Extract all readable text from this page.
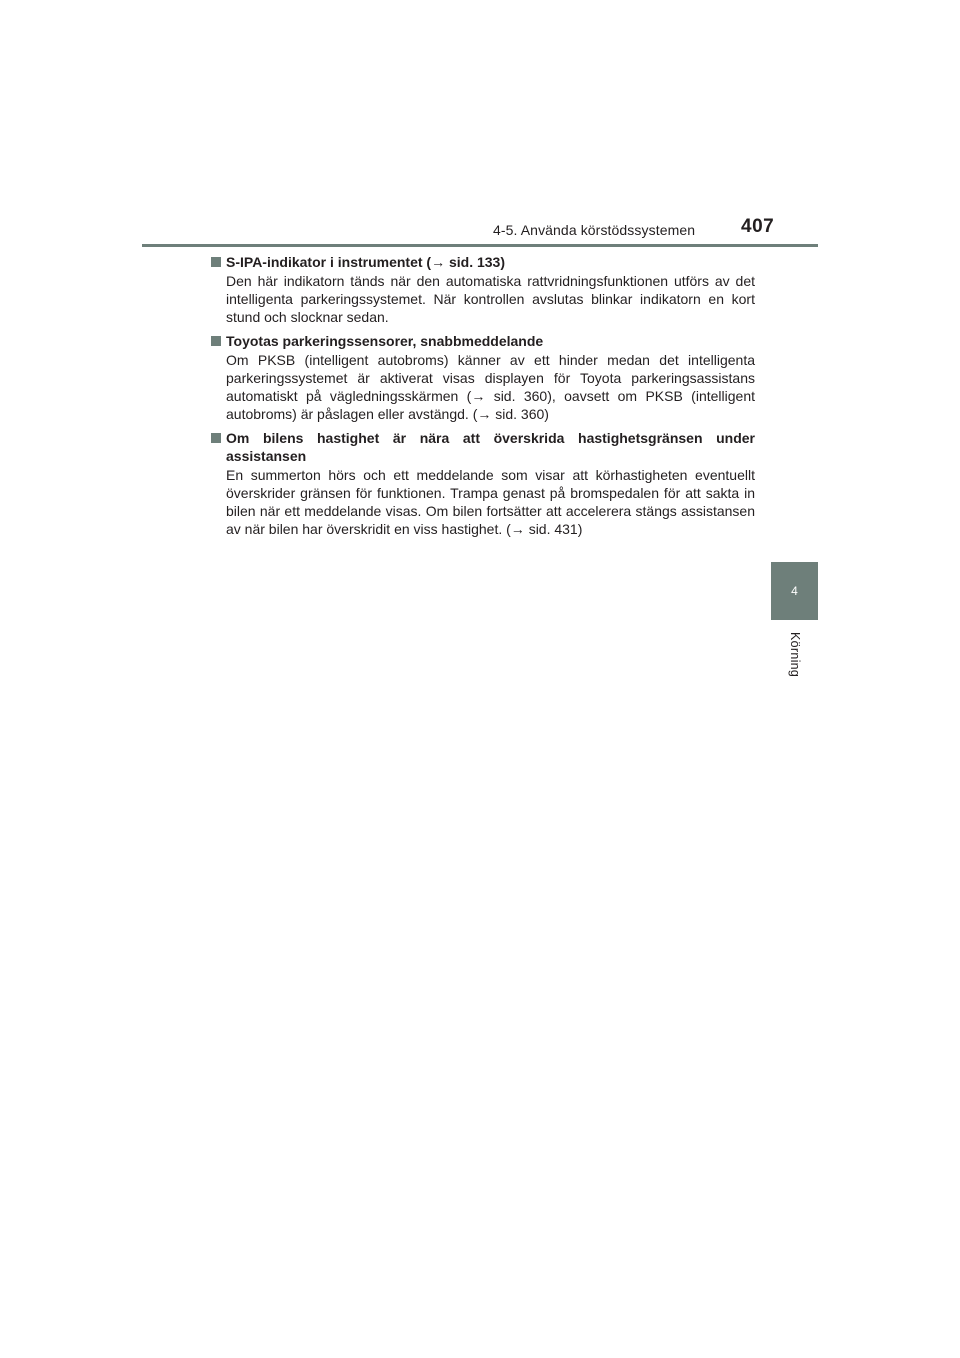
4-5. Använda körstödssystemen 407
4
Körning
S-IPA-indikator i instrumentet (→ sid. 133)
Den här indikatorn tänds när den automatiska rattvridningsfunktionen utförs av det intelligenta parkeringssystemet. När kontrollen avslutas blinkar indikatorn en kort stund och slocknar sedan.
Toyotas parkeringssensorer, snabbmeddelande
Om PKSB (intelligent autobroms) känner av ett hinder medan det intelligenta parkeringssystemet är aktiverat visas displayen för Toyota parkeringsassistans automatiskt på vägledningsskärmen (→ sid. 360), oavsett om PKSB (intelligent autobroms) är påslagen eller avstängd. (→ sid. 360)
Om bilens hastighet är nära att överskrida hastighetsgränsen under assistansen
En summerton hörs och ett meddelande som visar att körhastigheten eventuellt överskrider gränsen för funktionen. Trampa genast på bromspedalen för att sakta in bilen när ett meddelande visas. Om bilen fortsätter att accelerera stängs assistansen av när bilen har överskridit en viss hastighet. (→ sid. 431)
